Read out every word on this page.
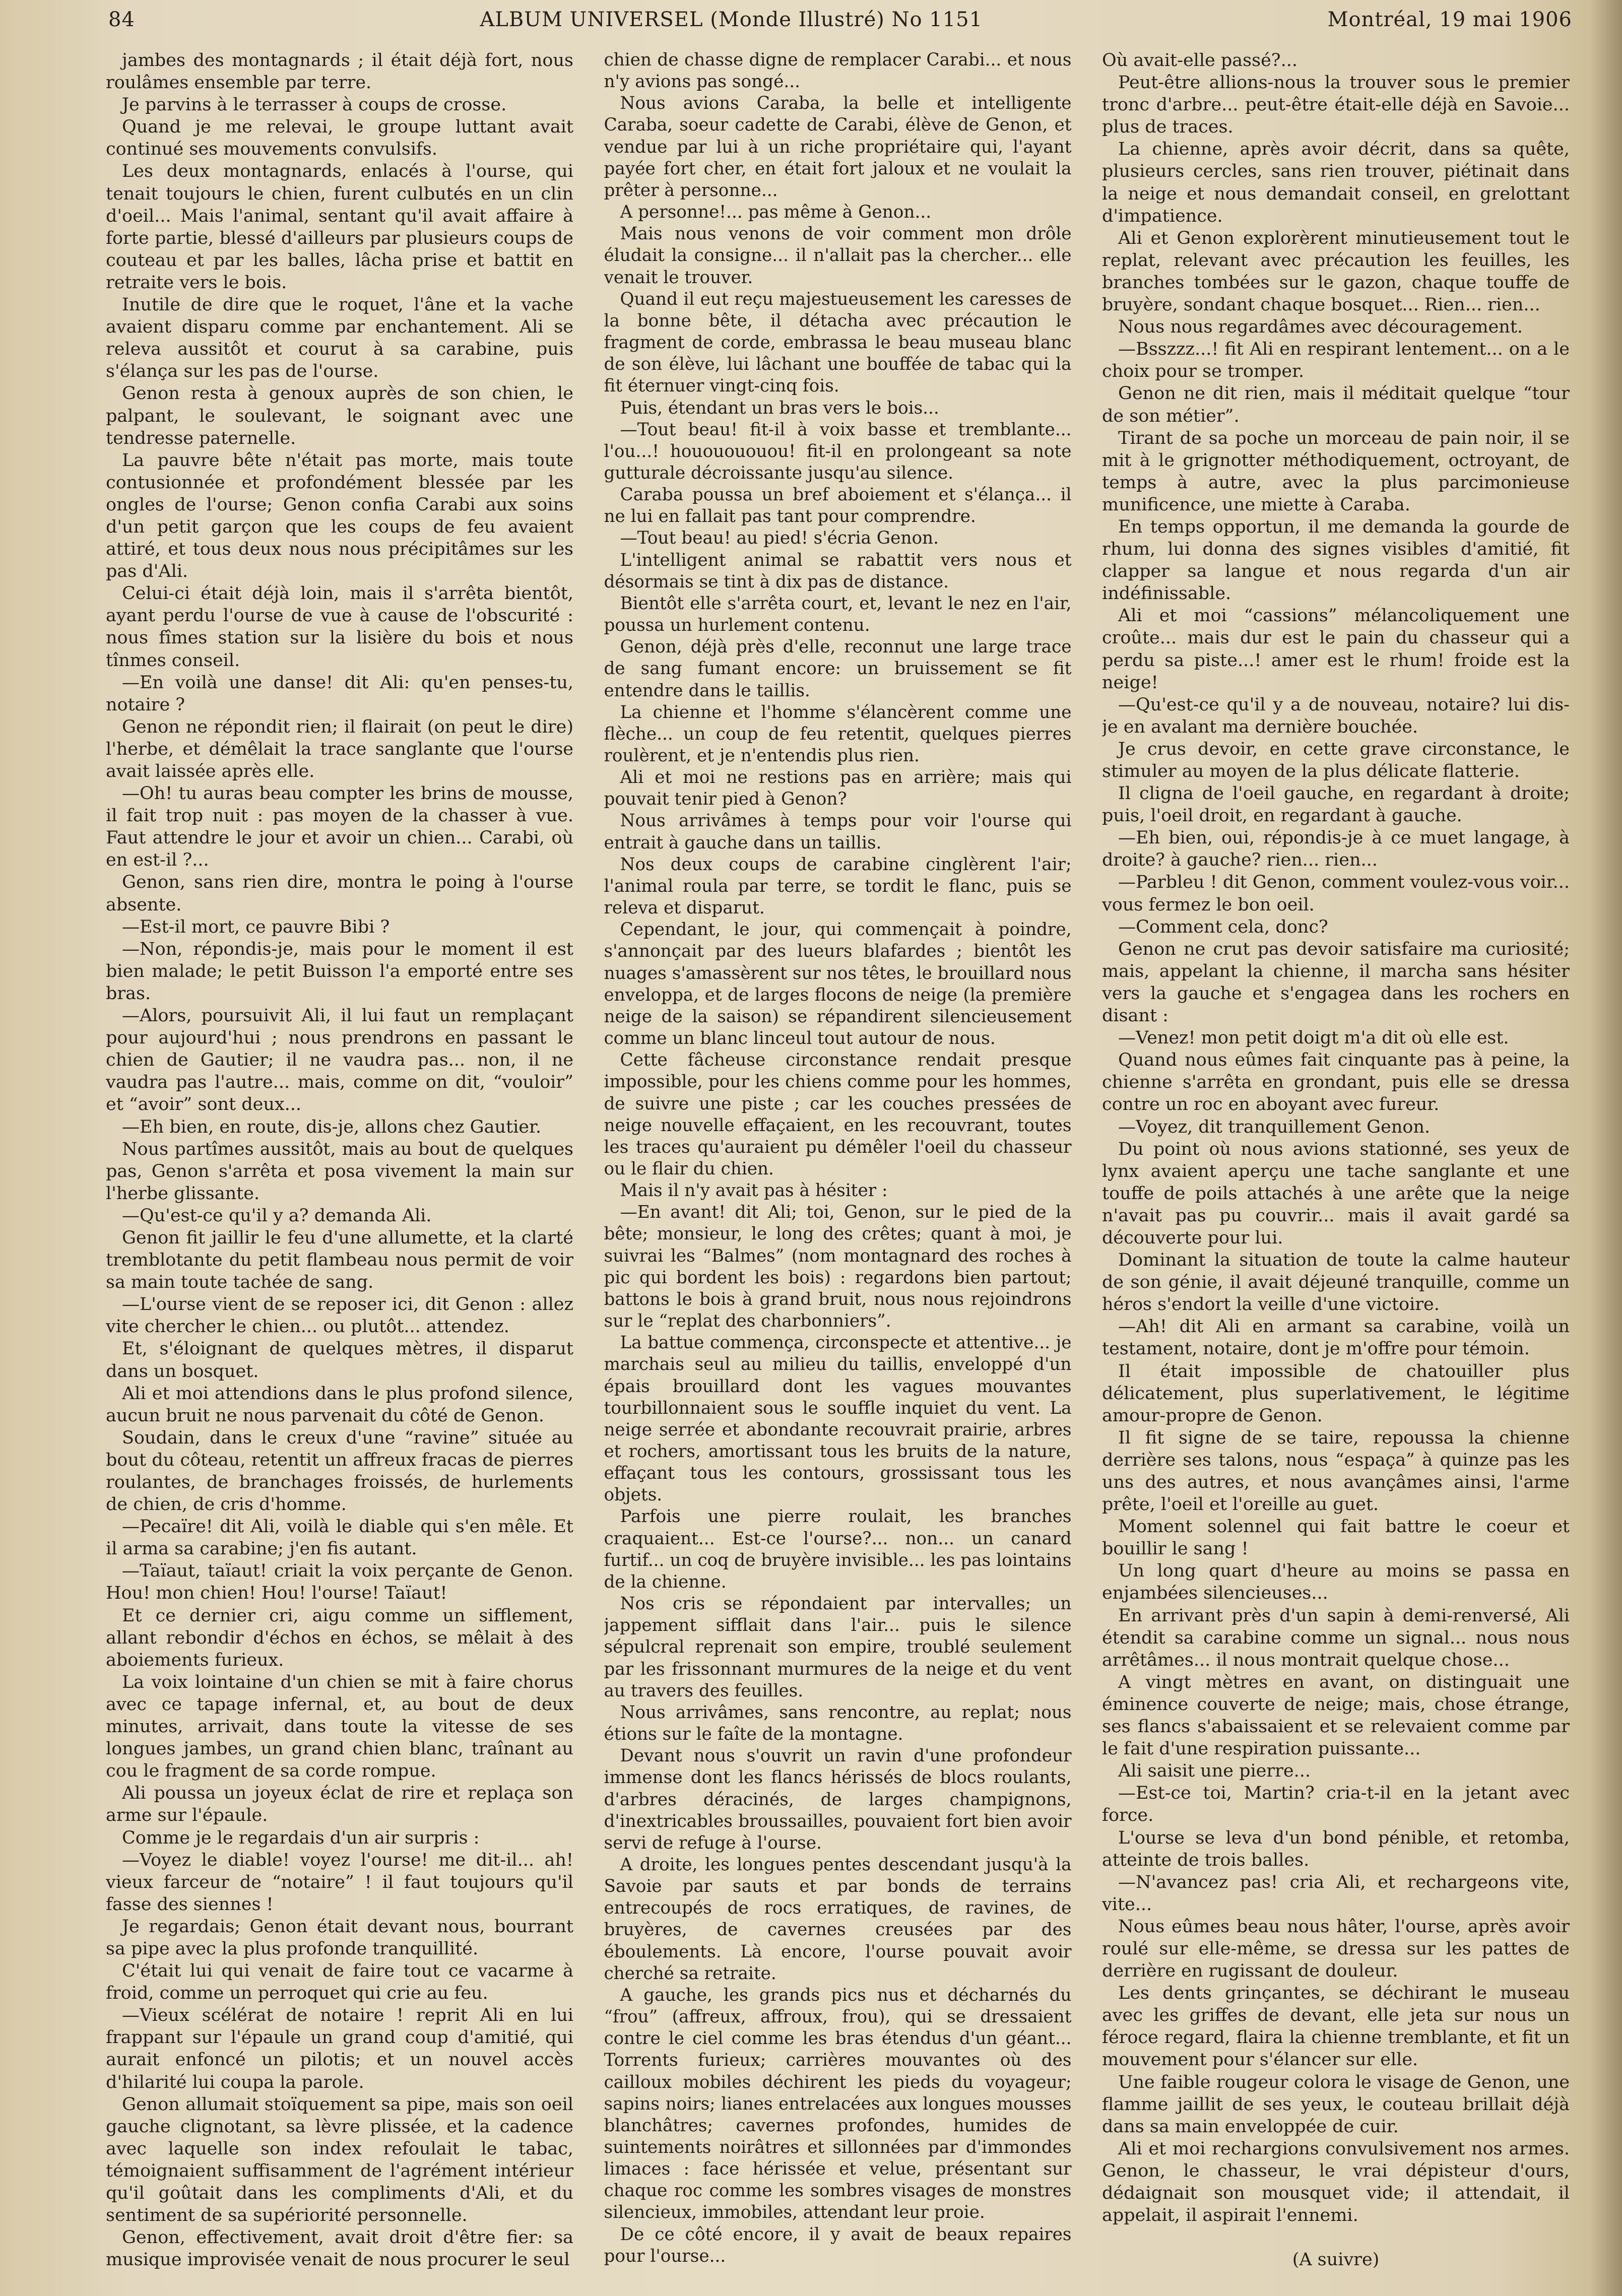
84	ALBUM UNIVERSEL (Monde Illustré) No 1151	Montréal, 19 mai 1906

jambes des montagnards ; il était déjà fort, nous roulâmes ensemble par terre.

Je parvins à le terrasser à coups de crosse.

Quand je me relevai, le groupe luttant avait continué ses mouvements convulsifs.

Les deux montagnards, enlacés à l'ourse, qui tenait toujours le chien, furent culbutés en un clin d'oeil... Mais l'animal, sentant qu'il avait affaire à forte partie, blessé d'ailleurs par plusieurs coups de couteau et par les balles, lâcha prise et battit en retraite vers le bois.

Inutile de dire que le roquet, l'âne et la vache avaient disparu comme par enchantement. Ali se releva aussitôt et courut à sa carabine, puis s'élança sur les pas de l'ourse.

Genon resta à genoux auprès de son chien, le palpant, le soulevant, le soignant avec une tendresse paternelle.

La pauvre bête n'était pas morte, mais toute contusionnée et profondément blessée par les ongles de l'ourse; Genon confia Carabi aux soins d'un petit garçon que les coups de feu avaient attiré, et tous deux nous nous précipitâmes sur les pas d'Ali.

Celui-ci était déjà loin, mais il s'arrêta bientôt, ayant perdu l'ourse de vue à cause de l'obscurité : nous fîmes station sur la lisière du bois et nous tînmes conseil.

—En voilà une danse! dit Ali: qu'en penses-tu, notaire ?

Genon ne répondit rien; il flairait (on peut le dire) l'herbe, et démêlait la trace sanglante que l'ourse avait laissée après elle.

—Oh! tu auras beau compter les brins de mousse, il fait trop nuit : pas moyen de la chasser à vue. Faut attendre le jour et avoir un chien... Carabi, où en est-il ?...

Genon, sans rien dire, montra le poing à l'ourse absente.

—Est-il mort, ce pauvre Bibi ?

—Non, répondis-je, mais pour le moment il est bien malade; le petit Buisson l'a emporté entre ses bras.

—Alors, poursuivit Ali, il lui faut un remplaçant pour aujourd'hui ; nous prendrons en passant le chien de Gautier; il ne vaudra pas... non, il ne vaudra pas l'autre... mais, comme on dit, “vouloir” et “avoir” sont deux...

—Eh bien, en route, dis-je, allons chez Gautier.

Nous partîmes aussitôt, mais au bout de quelques pas, Genon s'arrêta et posa vivement la main sur l'herbe glissante.

—Qu'est-ce qu'il y a? demanda Ali.

Genon fit jaillir le feu d'une allumette, et la clarté tremblotante du petit flambeau nous permit de voir sa main toute tachée de sang.

—L'ourse vient de se reposer ici, dit Genon : allez vite chercher le chien... ou plutôt... attendez.

Et, s'éloignant de quelques mètres, il disparut dans un bosquet.

Ali et moi attendions dans le plus profond silence, aucun bruit ne nous parvenait du côté de Genon.

Soudain, dans le creux d'une “ravine” située au bout du côteau, retentit un affreux fracas de pierres roulantes, de branchages froissés, de hurlements de chien, de cris d'homme.

—Pecaïre! dit Ali, voilà le diable qui s'en mêle. Et il arma sa carabine; j'en fis autant.

—Taïaut, taïaut! criait la voix perçante de Genon. Hou! mon chien! Hou! l'ourse! Taïaut!

Et ce dernier cri, aigu comme un sifflement, allant rebondir d'échos en échos, se mêlait à des aboiements furieux.

La voix lointaine d'un chien se mit à faire chorus avec ce tapage infernal, et, au bout de deux minutes, arrivait, dans toute la vitesse de ses longues jambes, un grand chien blanc, traînant au cou le fragment de sa corde rompue.

Ali poussa un joyeux éclat de rire et replaça son arme sur l'épaule.

Comme je le regardais d'un air surpris :

—Voyez le diable! voyez l'ourse! me dit-il... ah! vieux farceur de “notaire” ! il faut toujours qu'il fasse des siennes !

Je regardais; Genon était devant nous, bourrant sa pipe avec la plus profonde tranquillité.

C'était lui qui venait de faire tout ce vacarme à froid, comme un perroquet qui crie au feu.

—Vieux scélérat de notaire ! reprit Ali en lui frappant sur l'épaule un grand coup d'amitié, qui aurait enfoncé un pilotis; et un nouvel accès d'hilarité lui coupa la parole.

Genon allumait stoïquement sa pipe, mais son oeil gauche clignotant, sa lèvre plissée, et la cadence avec laquelle son index refoulait le tabac, témoignaient suffisamment de l'agrément intérieur qu'il goûtait dans les compliments d'Ali, et du sentiment de sa supériorité personnelle.

Genon, effectivement, avait droit d'être fier: sa musique improvisée venait de nous procurer le seul

chien de chasse digne de remplacer Carabi... et nous n'y avions pas songé...

Nous avions Caraba, la belle et intelligente Caraba, soeur cadette de Carabi, élève de Genon, et vendue par lui à un riche propriétaire qui, l'ayant payée fort cher, en était fort jaloux et ne voulait la prêter à personne...

A personne!... pas même à Genon...

Mais nous venons de voir comment mon drôle éludait la consigne... il n'allait pas la chercher... elle venait le trouver.

Quand il eut reçu majestueusement les caresses de la bonne bête, il détacha avec précaution le fragment de corde, embrassa le beau museau blanc de son élève, lui lâchant une bouffée de tabac qui la fit éternuer vingt-cinq fois.

Puis, étendant un bras vers le bois...

—Tout beau! fit-il à voix basse et tremblante... l'ou...! hououououou! fit-il en prolongeant sa note gutturale décroissante jusqu'au silence.

Caraba poussa un bref aboiement et s'élança... il ne lui en fallait pas tant pour comprendre.

—Tout beau! au pied! s'écria Genon.

L'intelligent animal se rabattit vers nous et désormais se tint à dix pas de distance.

Bientôt elle s'arrêta court, et, levant le nez en l'air, poussa un hurlement contenu.

Genon, déjà près d'elle, reconnut une large trace de sang fumant encore: un bruissement se fit entendre dans le taillis.

La chienne et l'homme s'élancèrent comme une flèche... un coup de feu retentit, quelques pierres roulèrent, et je n'entendis plus rien.

Ali et moi ne restions pas en arrière; mais qui pouvait tenir pied à Genon?

Nous arrivâmes à temps pour voir l'ourse qui entrait à gauche dans un taillis.

Nos deux coups de carabine cinglèrent l'air; l'animal roula par terre, se tordit le flanc, puis se releva et disparut.

Cependant, le jour, qui commençait à poindre, s'annonçait par des lueurs blafardes ; bientôt les nuages s'amassèrent sur nos têtes, le brouillard nous enveloppa, et de larges flocons de neige (la première neige de la saison) se répandirent silencieusement comme un blanc linceul tout autour de nous.

Cette fâcheuse circonstance rendait presque impossible, pour les chiens comme pour les hommes, de suivre une piste ; car les couches pressées de neige nouvelle effaçaient, en les recouvrant, toutes les traces qu'auraient pu démêler l'oeil du chasseur ou le flair du chien.

Mais il n'y avait pas à hésiter :

—En avant! dit Ali; toi, Genon, sur le pied de la bête; monsieur, le long des crêtes; quant à moi, je suivrai les “Balmes” (nom montagnard des roches à pic qui bordent les bois) : regardons bien partout; battons le bois à grand bruit, nous nous rejoindrons sur le “replat des charbonniers”.

La battue commença, circonspecte et attentive... je marchais seul au milieu du taillis, enveloppé d'un épais brouillard dont les vagues mouvantes tourbillonnaient sous le souffle inquiet du vent. La neige serrée et abondante recouvrait prairie, arbres et rochers, amortissant tous les bruits de la nature, effaçant tous les contours, grossissant tous les objets.

Parfois une pierre roulait, les branches craquaient... Est-ce l'ourse?... non... un canard furtif... un coq de bruyère invisible... les pas lointains de la chienne.

Nos cris se répondaient par intervalles; un jappement sifflait dans l'air... puis le silence sépulcral reprenait son empire, troublé seulement par les frissonnant murmures de la neige et du vent au travers des feuilles.

Nous arrivâmes, sans rencontre, au replat; nous étions sur le faîte de la montagne.

Devant nous s'ouvrit un ravin d'une profondeur immense dont les flancs hérissés de blocs roulants, d'arbres déracinés, de larges champignons, d'inextricables broussailles, pouvaient fort bien avoir servi de refuge à l'ourse.

A droite, les longues pentes descendant jusqu'à la Savoie par sauts et par bonds de terrains entrecoupés de rocs erratiques, de ravines, de bruyères, de cavernes creusées par des éboulements. Là encore, l'ourse pouvait avoir cherché sa retraite.

A gauche, les grands pics nus et décharnés du “frou” (affreux, affroux, frou), qui se dressaient contre le ciel comme les bras étendus d'un géant... Torrents furieux; carrières mouvantes où des cailloux mobiles déchirent les pieds du voyageur; sapins noirs; lianes entrelacées aux longues mousses blanchâtres; cavernes profondes, humides de suintements noirâtres et sillonnées par d'immondes limaces : face hérissée et velue, présentant sur chaque roc comme les sombres visages de monstres silencieux, immobiles, attendant leur proie.

De ce côté encore, il y avait de beaux repaires pour l'ourse...

Où avait-elle passé?...

Peut-être allions-nous la trouver sous le premier tronc d'arbre... peut-être était-elle déjà en Savoie... plus de traces.

La chienne, après avoir décrit, dans sa quête, plusieurs cercles, sans rien trouver, piétinait dans la neige et nous demandait conseil, en grelottant d'impatience.

Ali et Genon explorèrent minutieusement tout le replat, relevant avec précaution les feuilles, les branches tombées sur le gazon, chaque touffe de bruyère, sondant chaque bosquet... Rien... rien...

Nous nous regardâmes avec découragement.

—Bsszzz...! fit Ali en respirant lentement... on a le choix pour se tromper.

Genon ne dit rien, mais il méditait quelque “tour de son métier”.

Tirant de sa poche un morceau de pain noir, il se mit à le grignotter méthodiquement, octroyant, de temps à autre, avec la plus parcimonieuse munificence, une miette à Caraba.

En temps opportun, il me demanda la gourde de rhum, lui donna des signes visibles d'amitié, fit clapper sa langue et nous regarda d'un air indéfinissable.

Ali et moi “cassions” mélancoliquement une croûte... mais dur est le pain du chasseur qui a perdu sa piste...! amer est le rhum! froide est la neige!

—Qu'est-ce qu'il y a de nouveau, notaire? lui dis-je en avalant ma dernière bouchée.

Je crus devoir, en cette grave circonstance, le stimuler au moyen de la plus délicate flatterie.

Il cligna de l'oeil gauche, en regardant à droite; puis, l'oeil droit, en regardant à gauche.

—Eh bien, oui, répondis-je à ce muet langage, à droite? à gauche? rien... rien...

—Parbleu ! dit Genon, comment voulez-vous voir... vous fermez le bon oeil.

—Comment cela, donc?

Genon ne crut pas devoir satisfaire ma curiosité; mais, appelant la chienne, il marcha sans hésiter vers la gauche et s'engagea dans les rochers en disant :

—Venez! mon petit doigt m'a dit où elle est.

Quand nous eûmes fait cinquante pas à peine, la chienne s'arrêta en grondant, puis elle se dressa contre un roc en aboyant avec fureur.

—Voyez, dit tranquillement Genon.

Du point où nous avions stationné, ses yeux de lynx avaient aperçu une tache sanglante et une touffe de poils attachés à une arête que la neige n'avait pas pu couvrir... mais il avait gardé sa découverte pour lui.

Dominant la situation de toute la calme hauteur de son génie, il avait déjeuné tranquille, comme un héros s'endort la veille d'une victoire.

—Ah! dit Ali en armant sa carabine, voilà un testament, notaire, dont je m'offre pour témoin.

Il était impossible de chatouiller plus délicatement, plus superlativement, le légitime amour-propre de Genon.

Il fit signe de se taire, repoussa la chienne derrière ses talons, nous “espaça” à quinze pas les uns des autres, et nous avançâmes ainsi, l'arme prête, l'oeil et l'oreille au guet.

Moment solennel qui fait battre le coeur et bouillir le sang !

Un long quart d'heure au moins se passa en enjambées silencieuses...

En arrivant près d'un sapin à demi-renversé, Ali étendit sa carabine comme un signal... nous nous arrêtâmes... il nous montrait quelque chose...

A vingt mètres en avant, on distinguait une éminence couverte de neige; mais, chose étrange, ses flancs s'abaissaient et se relevaient comme par le fait d'une respiration puissante...

Ali saisit une pierre...

—Est-ce toi, Martin? cria-t-il en la jetant avec force.

L'ourse se leva d'un bond pénible, et retomba, atteinte de trois balles.

—N'avancez pas! cria Ali, et rechargeons vite, vite...

Nous eûmes beau nous hâter, l'ourse, après avoir roulé sur elle-même, se dressa sur les pattes de derrière en rugissant de douleur.

Les dents grinçantes, se déchirant le museau avec les griffes de devant, elle jeta sur nous un féroce regard, flaira la chienne tremblante, et fit un mouvement pour s'élancer sur elle.

Une faible rougeur colora le visage de Genon, une flamme jaillit de ses yeux, le couteau brillait déjà dans sa main enveloppée de cuir.

Ali et moi rechargions convulsivement nos armes. Genon, le chasseur, le vrai dépisteur d'ours, dédaignait son mousquet vide; il attendait, il appelait, il aspirait l'ennemi.

(A suivre)
